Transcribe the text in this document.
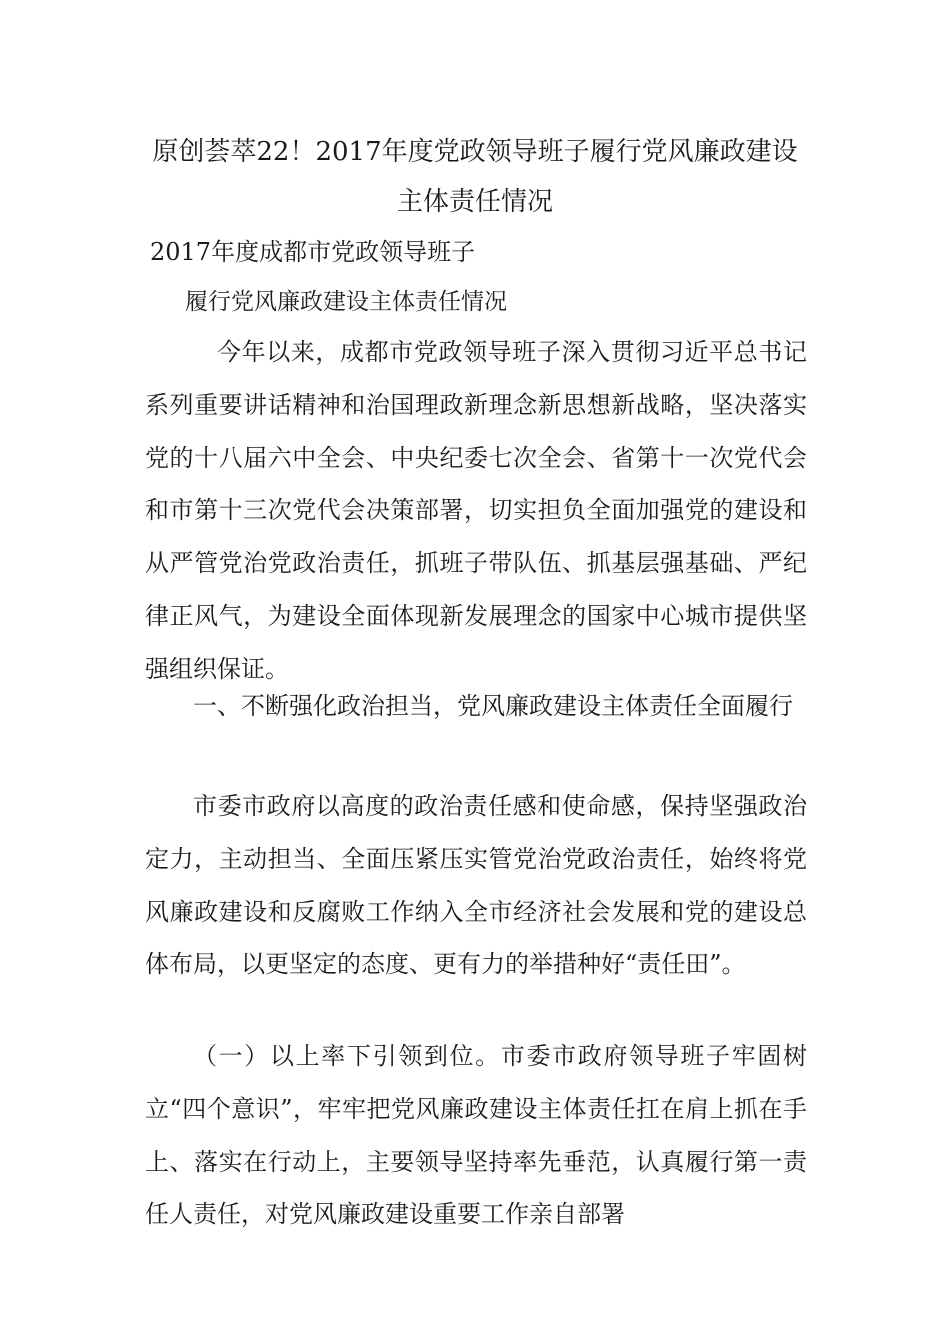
原创荟萃22！2017年度党政领导班子履行党风廉政建设
主体责任情况
2017年度成都市党政领导班子
履行党风廉政建设主体责任情况
今年以来，成都市党政领导班子深入贯彻习近平总书记系列重要讲话精神和治国理政新理念新思想新战略，坚决落实党的十八届六中全会、中央纪委七次全会、省第十一次党代会和市第十三次党代会决策部署，切实担负全面加强党的建设和从严管党治党政治责任，抓班子带队伍、抓基层强基础、严纪律正风气，为建设全面体现新发展理念的国家中心城市提供坚强组织保证。
一、不断强化政治担当，党风廉政建设主体责任全面履行
市委市政府以高度的政治责任感和使命感，保持坚强政治定力，主动担当、全面压紧压实管党治党政治责任，始终将党风廉政建设和反腐败工作纳入全市经济社会发展和党的建设总体布局，以更坚定的态度、更有力的举措种好“责任田”。
（一）以上率下引领到位。市委市政府领导班子牢固树立“四个意识”，牢牢把党风廉政建设主体责任扛在肩上抓在手上、落实在行动上，主要领导坚持率先垂范，认真履行第一责任人责任，对党风廉政建设重要工作亲自部署
